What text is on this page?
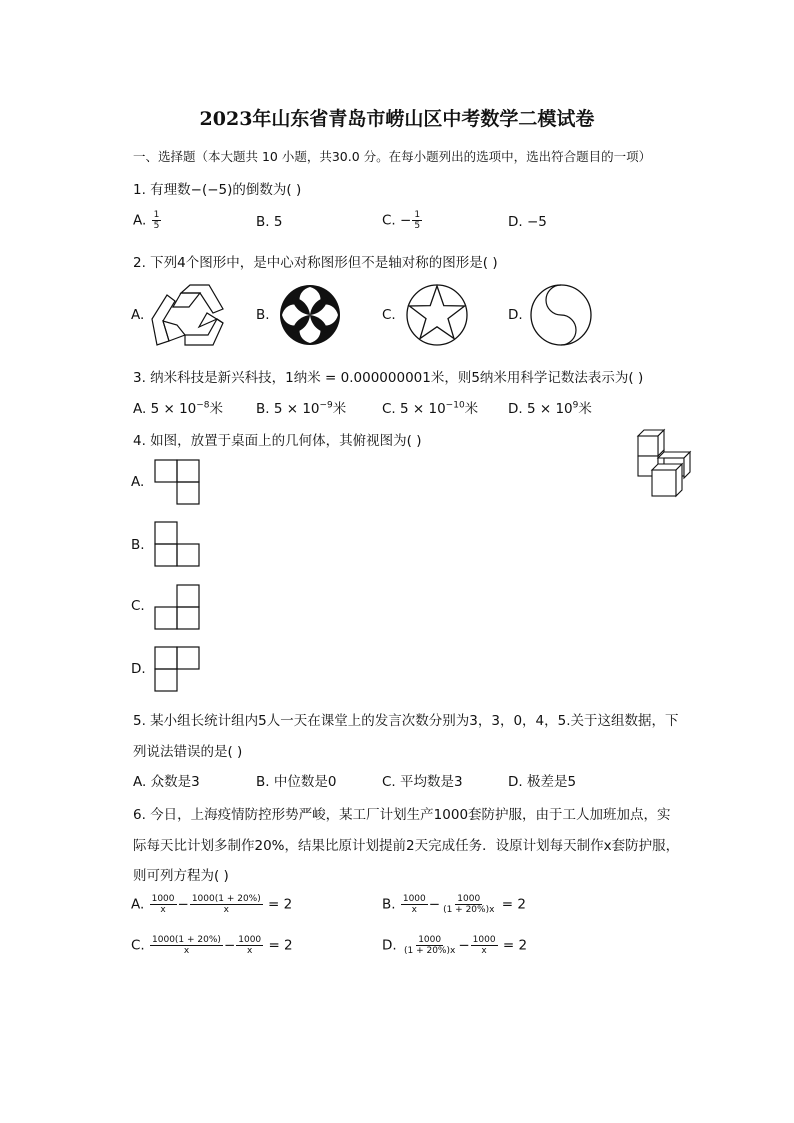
2023年山东省青岛市崂山区中考数学二模试卷
一、选择题（本大题共 10 小题，共30.0 分。在每小题列出的选项中，选出符合题目的一项）
1. 有理数−(−5)的倒数为( )
A. $\frac{1}{5}$	B. 5	C. − $\frac{1}{5}$	D. −5
2. 下列4个图形中，是中心对称图形但不是轴对称的图形是( )
A.	B.	C.	D.
3. 纳米科技是新兴科技，1纳米 = 0.000000001米，则5纳米用科学记数法表示为( )
A. $5 \times 10^{-8}$米 B. $5 \times 10^{-9}$米	C. $5 \times 10^{-10}$米 D. $5 \times 10^9$米
4. 如图，放置于桌面上的几何体，其俯视图为( )
A.
B.
C.
D.
5. 某小组长统计组内5人一天在课堂上的发言次数分别为3，3，0，4，5.关于这组数据，下
列说法错误的是( )
A. 众数是3	B. 中位数是0	C. 平均数是3	D. 极差是5
6. 今日，上海疫情防控形势严峻，某工厂计划生产1000套防护服，由于工人加班加点，实
际每天比计划多制作20%，结果比原计划提前2天完成任务．设原计划每天制作x套防护服，
则可列方程为( )
A. $\frac{1000}{x} - \frac{1000(1 + 20\%)}{x} = 2$	B. $\frac{1000}{x} - \frac{1000}{(1 + 20\%)x} = 2$
C. $\frac{1000(1 + 20\%)}{x} - \frac{1000}{x} = 2$	D. $\frac{1000}{(1 + 20\%)x} - \frac{1000}{x} = 2$
